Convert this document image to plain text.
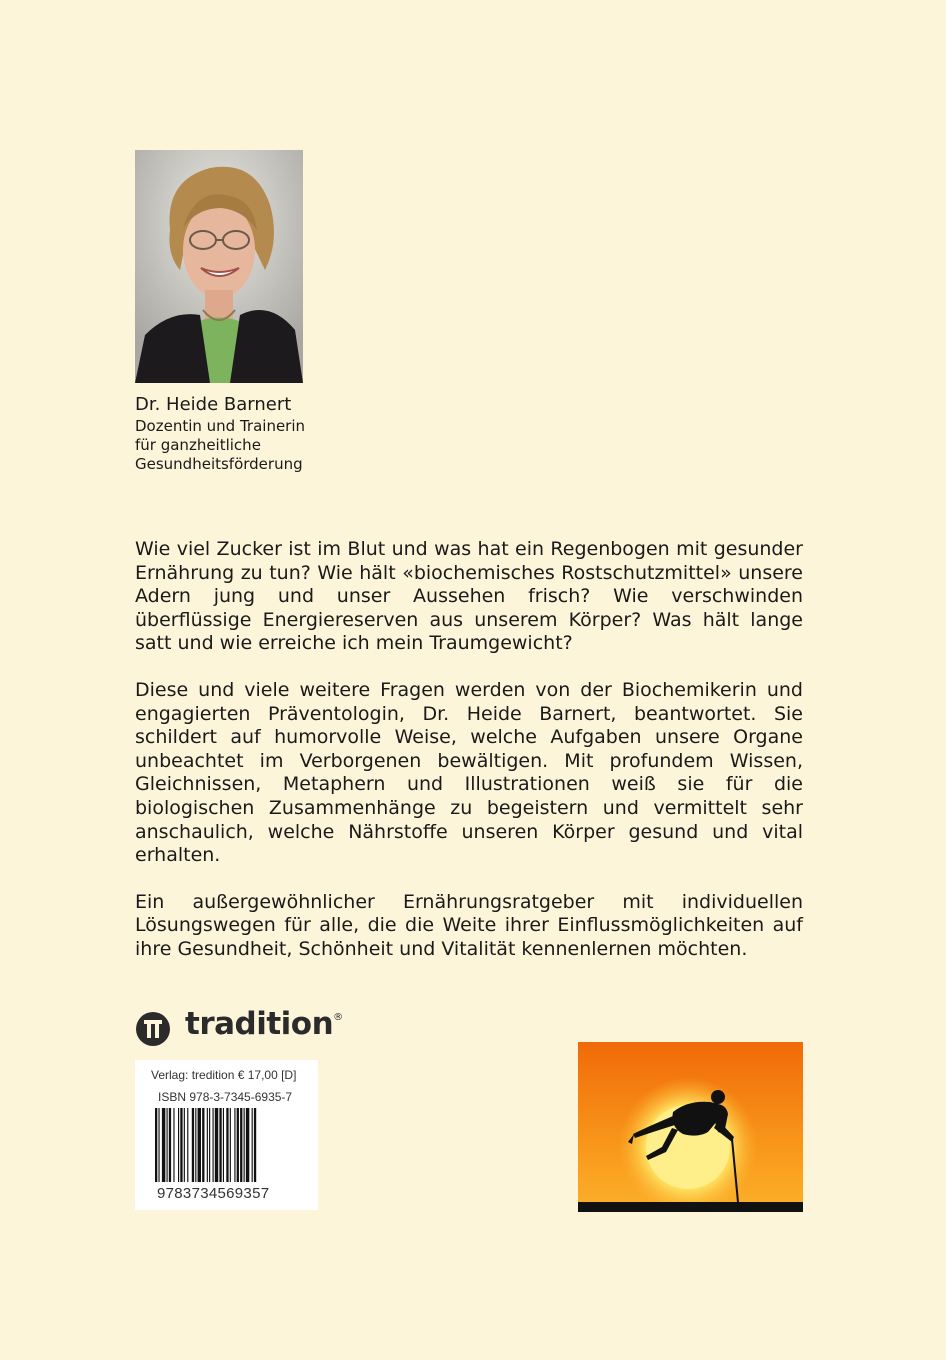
Dr. Heide Barnert
Dozentin und Trainerin
für ganzheitliche
Gesundheitsförderung

Wie viel Zucker ist im Blut und was hat ein Regenbogen mit gesunder Ernährung zu tun? Wie hält «biochemisches Rostschutzmittel» unsere Adern jung und unser Aussehen frisch? Wie verschwinden überflüssige Energiereserven aus unserem Körper? Was hält lange satt und wie erreiche ich mein Traumgewicht?

Diese und viele weitere Fragen werden von der Biochemikerin und engagierten Präventologin, Dr. Heide Barnert, beantwortet. Sie schildert auf humorvolle Weise, welche Aufgaben unsere Organe unbeachtet im Verborgenen bewältigen. Mit profundem Wissen, Gleichnissen, Metaphern und Illustrationen weiß sie für die biologischen Zusammenhänge zu begeistern und vermittelt sehr anschaulich, welche Nährstoffe unseren Körper gesund und vital erhalten.

Ein außergewöhnlicher Ernährungsratgeber mit individuellen Lösungswegen für alle, die die Weite ihrer Einflussmöglichkeiten auf ihre Gesundheit, Schönheit und Vitalität kennenlernen möchten.

tradition®
Verlag: tredition € 17,00 [D]
ISBN 978-3-7345-6935-7
9783734569357
